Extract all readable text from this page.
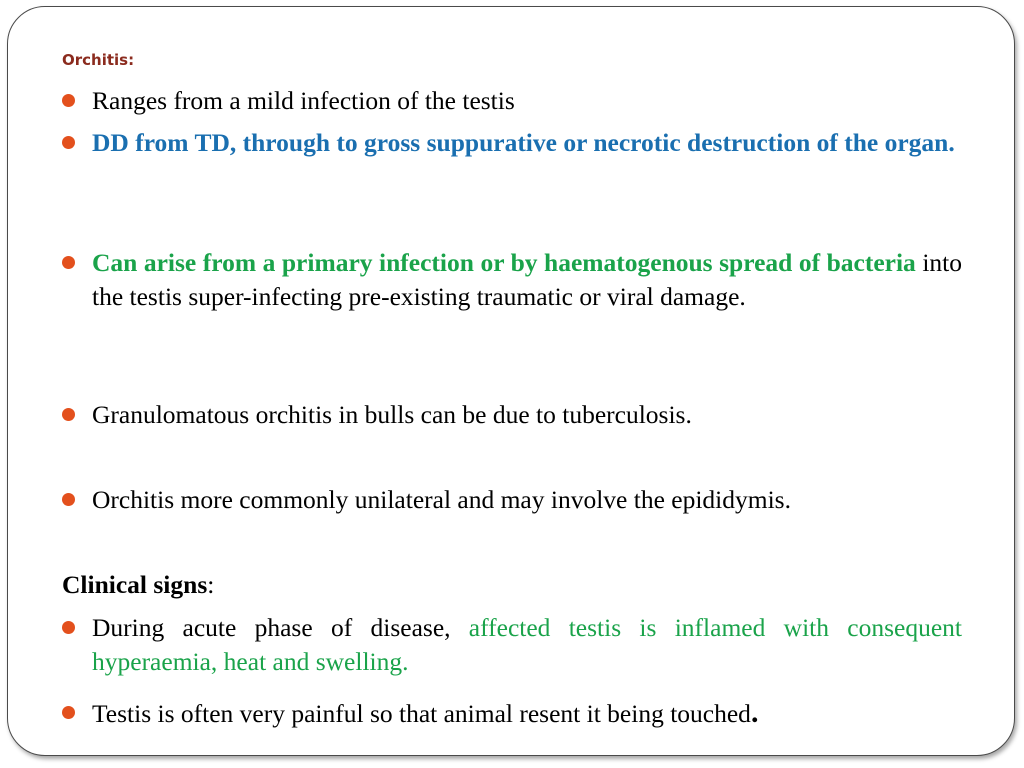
Orchitis:
Ranges from a mild infection of the testis
DD from TD, through to gross suppurative or necrotic destruction of the organ.
Can arise from a primary infection or by haematogenous spread of bacteria into the testis super-infecting pre-existing traumatic or viral damage.
Granulomatous orchitis in bulls can be due to tuberculosis.
Orchitis more commonly unilateral and may involve the epididymis.
Clinical signs:
During acute phase of disease, affected testis is inflamed with consequent hyperaemia, heat and swelling.
Testis is often very painful so that animal resent it being touched.
